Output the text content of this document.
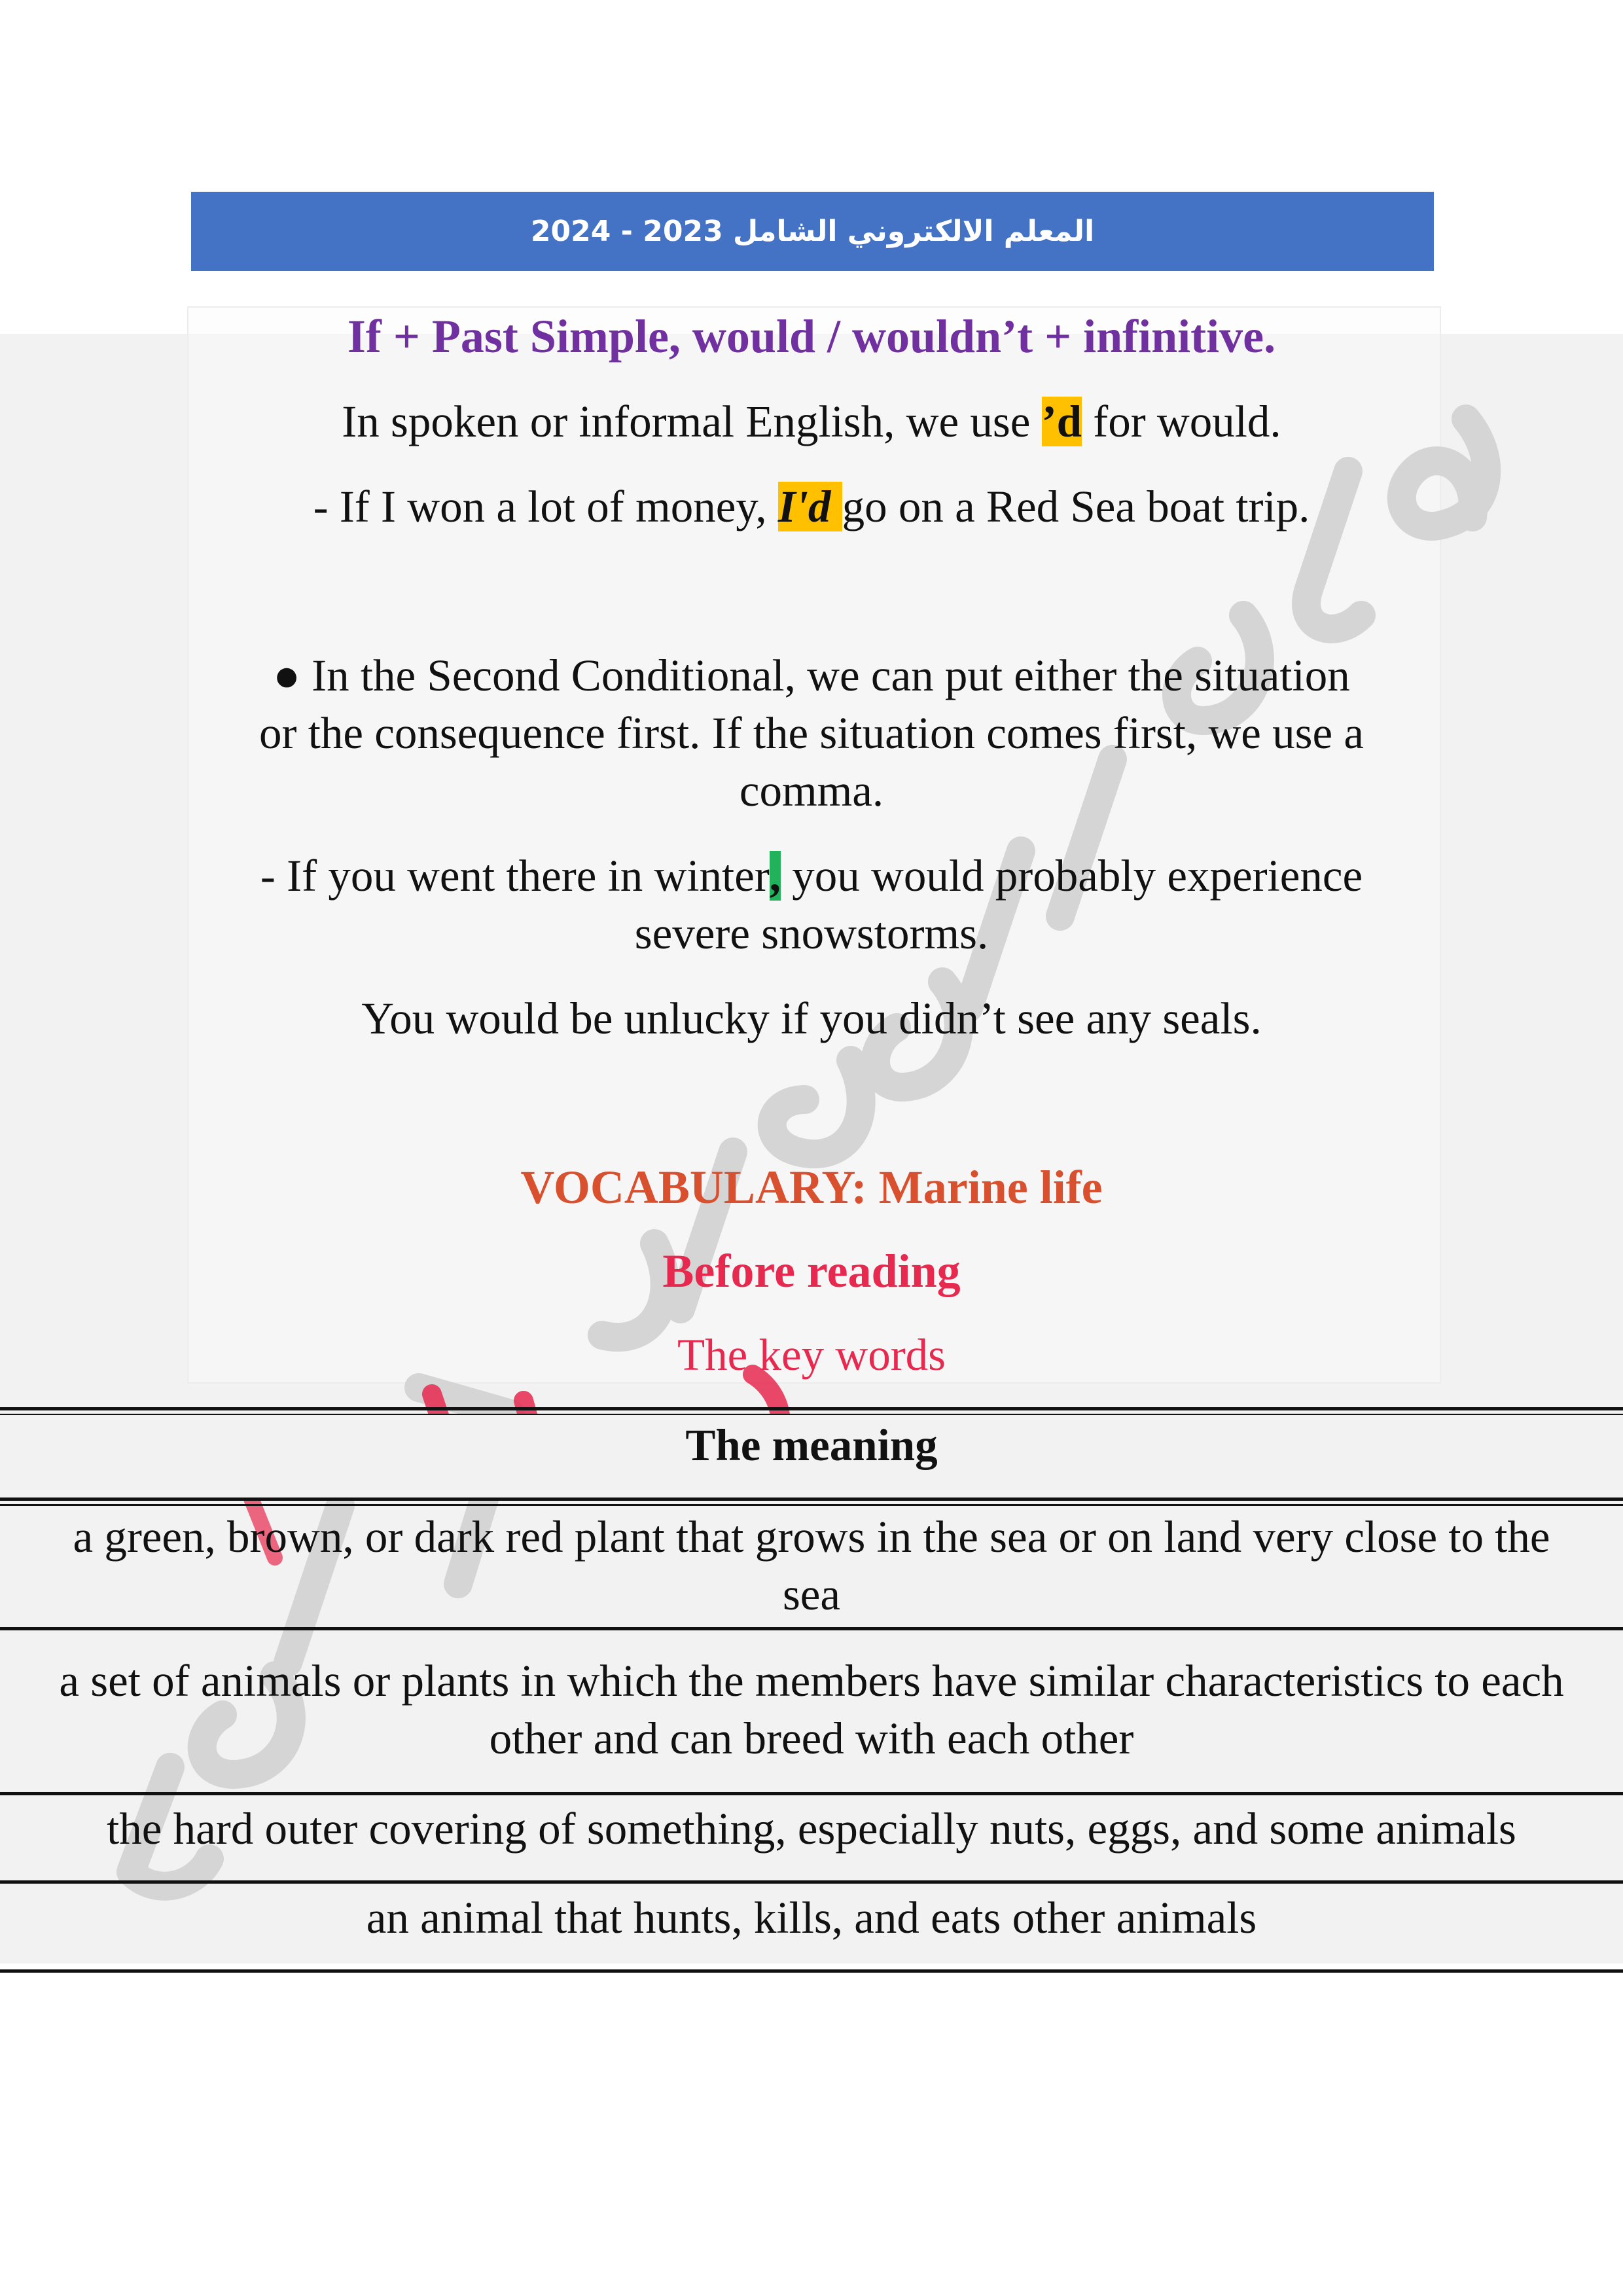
المعلم الالكتروني الشامل 2023 - 2024
If + Past Simple, would / wouldn’t + infinitive.
In spoken or informal English, we use ’d for would.
- If I won a lot of money, I'd go on a Red Sea boat trip.
● In the Second Conditional, we can put either the situation
or the consequence first. If the situation comes first, we use a
comma.
- If you went there in winter, you would probably experience
severe snowstorms.
You would be unlucky if you didn’t see any seals.
VOCABULARY: Marine life
Before reading
The key words
The meaning
a green, brown, or dark red plant that grows in the sea or on land very close to the
sea
a set of animals or plants in which the members have similar characteristics to each
other and can breed with each other
the hard outer covering of something, especially nuts, eggs, and some animals
an animal that hunts, kills, and eats other animals
